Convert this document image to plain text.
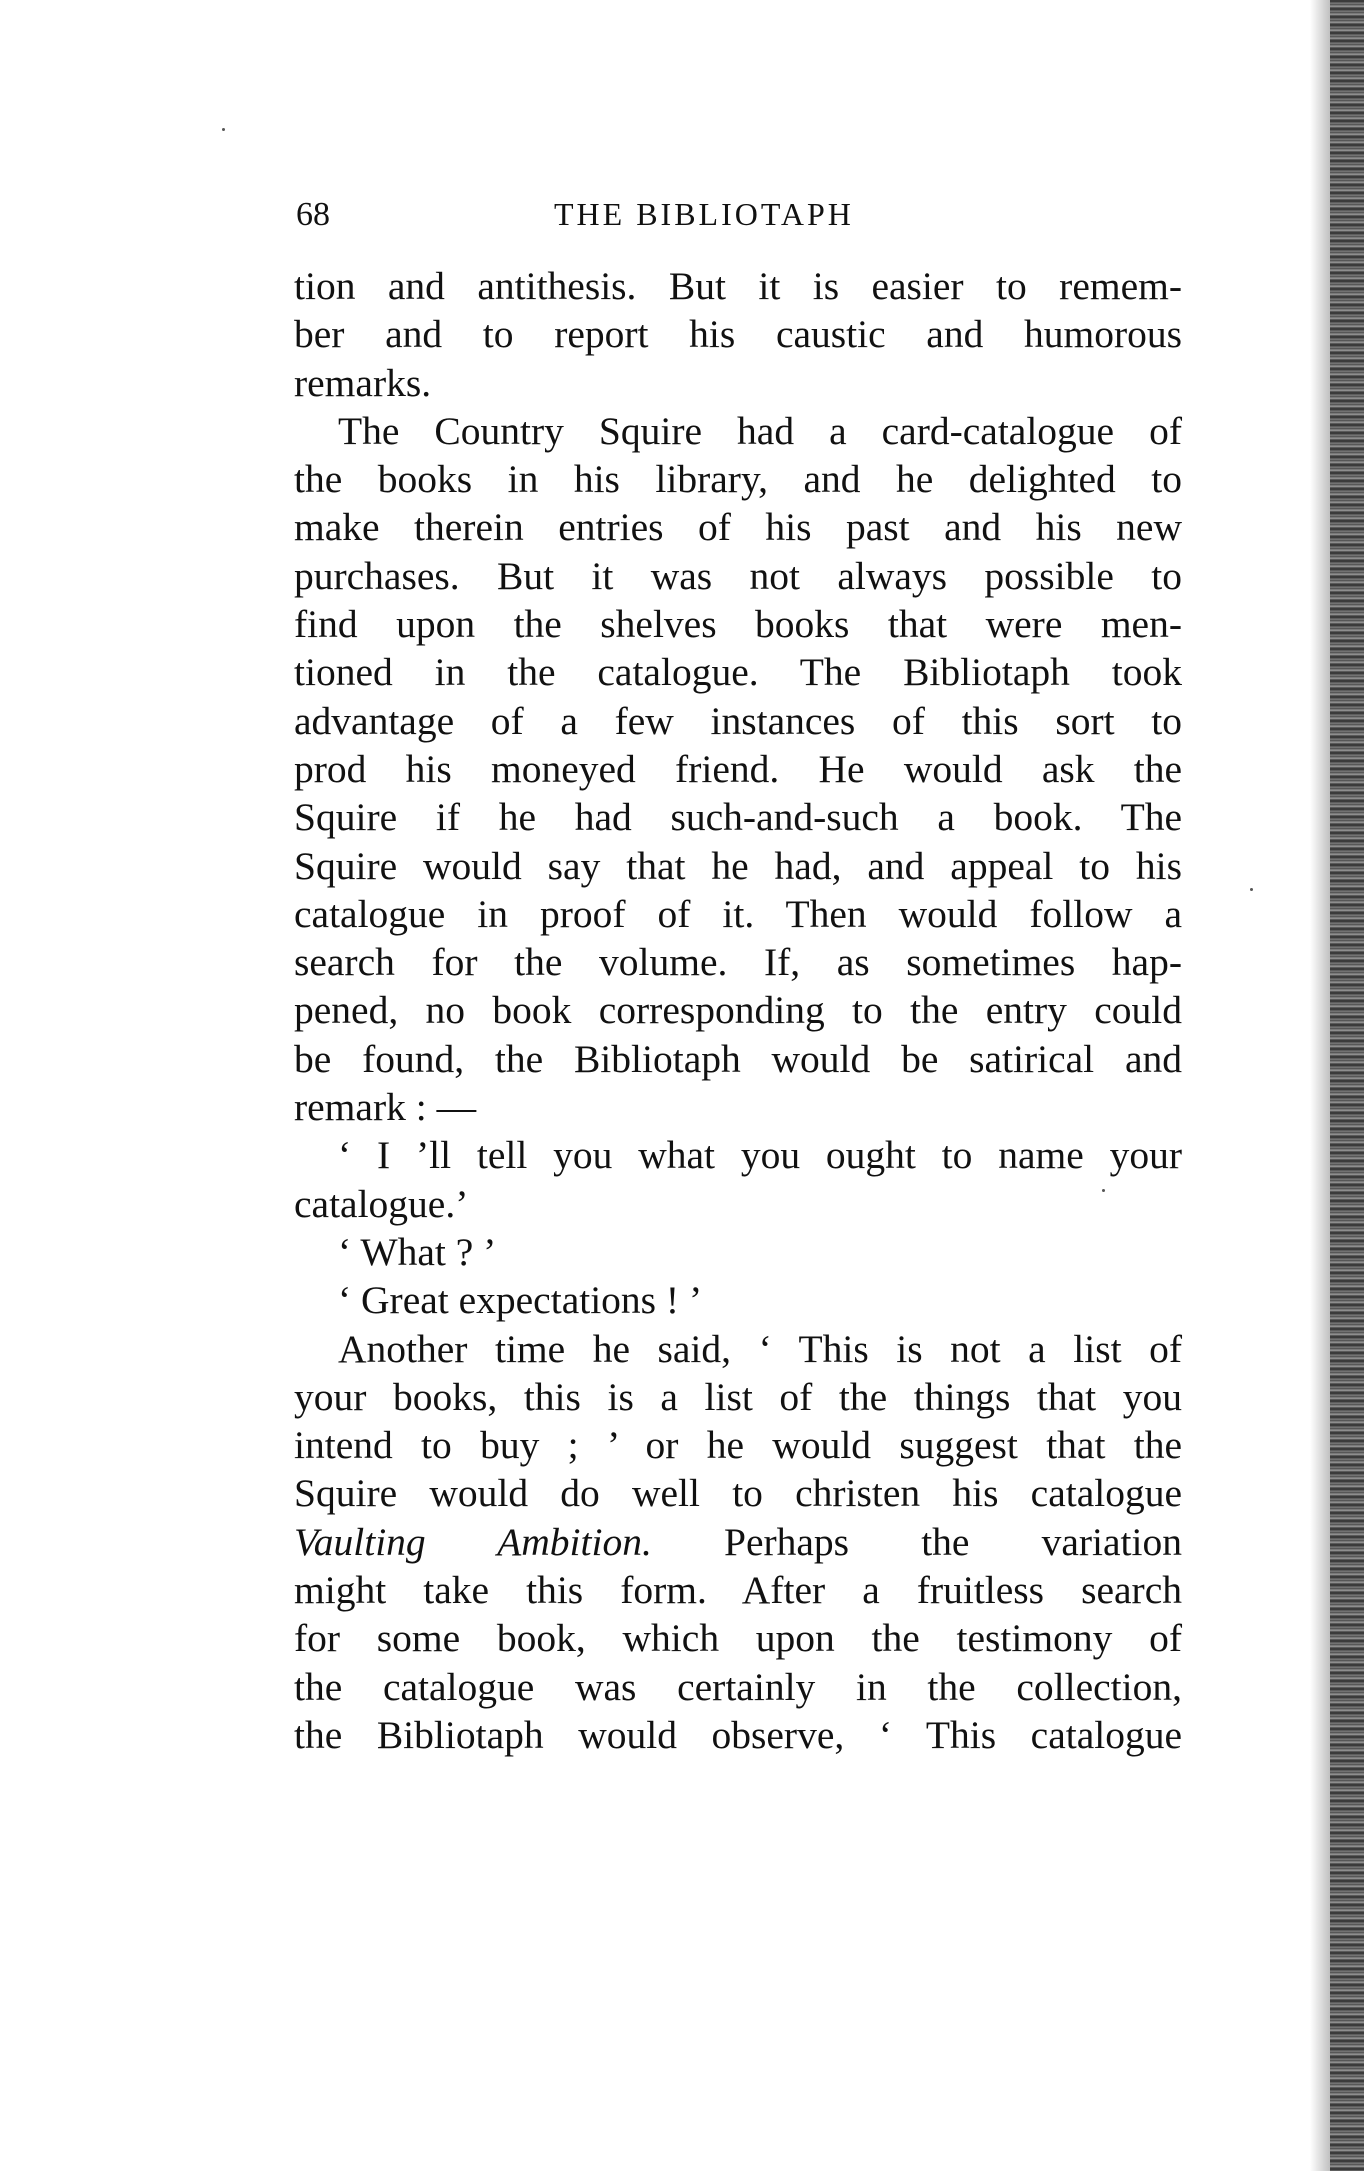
68	THE BIBLIOTAPH
tion and antithesis. But it is easier to remem-
ber and to report his caustic and humorous
remarks.
The Country Squire had a card-catalogue of
the books in his library, and he delighted to
make therein entries of his past and his new
purchases. But it was not always possible to
find upon the shelves books that were men-
tioned in the catalogue. The Bibliotaph took
advantage of a few instances of this sort to
prod his moneyed friend. He would ask the
Squire if he had such-and-such a book. The
Squire would say that he had, and appeal to his
catalogue in proof of it. Then would follow a
search for the volume. If, as sometimes hap-
pened, no book corresponding to the entry could
be found, the Bibliotaph would be satirical and
remark : —
‘ I ’ll tell you what you ought to name your
catalogue.’
‘ What ? ’
‘ Great expectations ! ’
Another time he said, ‘ This is not a list of
your books, this is a list of the things that you
intend to buy ; ’ or he would suggest that the
Squire would do well to christen his catalogue
Vaulting Ambition. Perhaps the variation
might take this form. After a fruitless search
for some book, which upon the testimony of
the catalogue was certainly in the collection,
the Bibliotaph would observe, ‘ This catalogue
